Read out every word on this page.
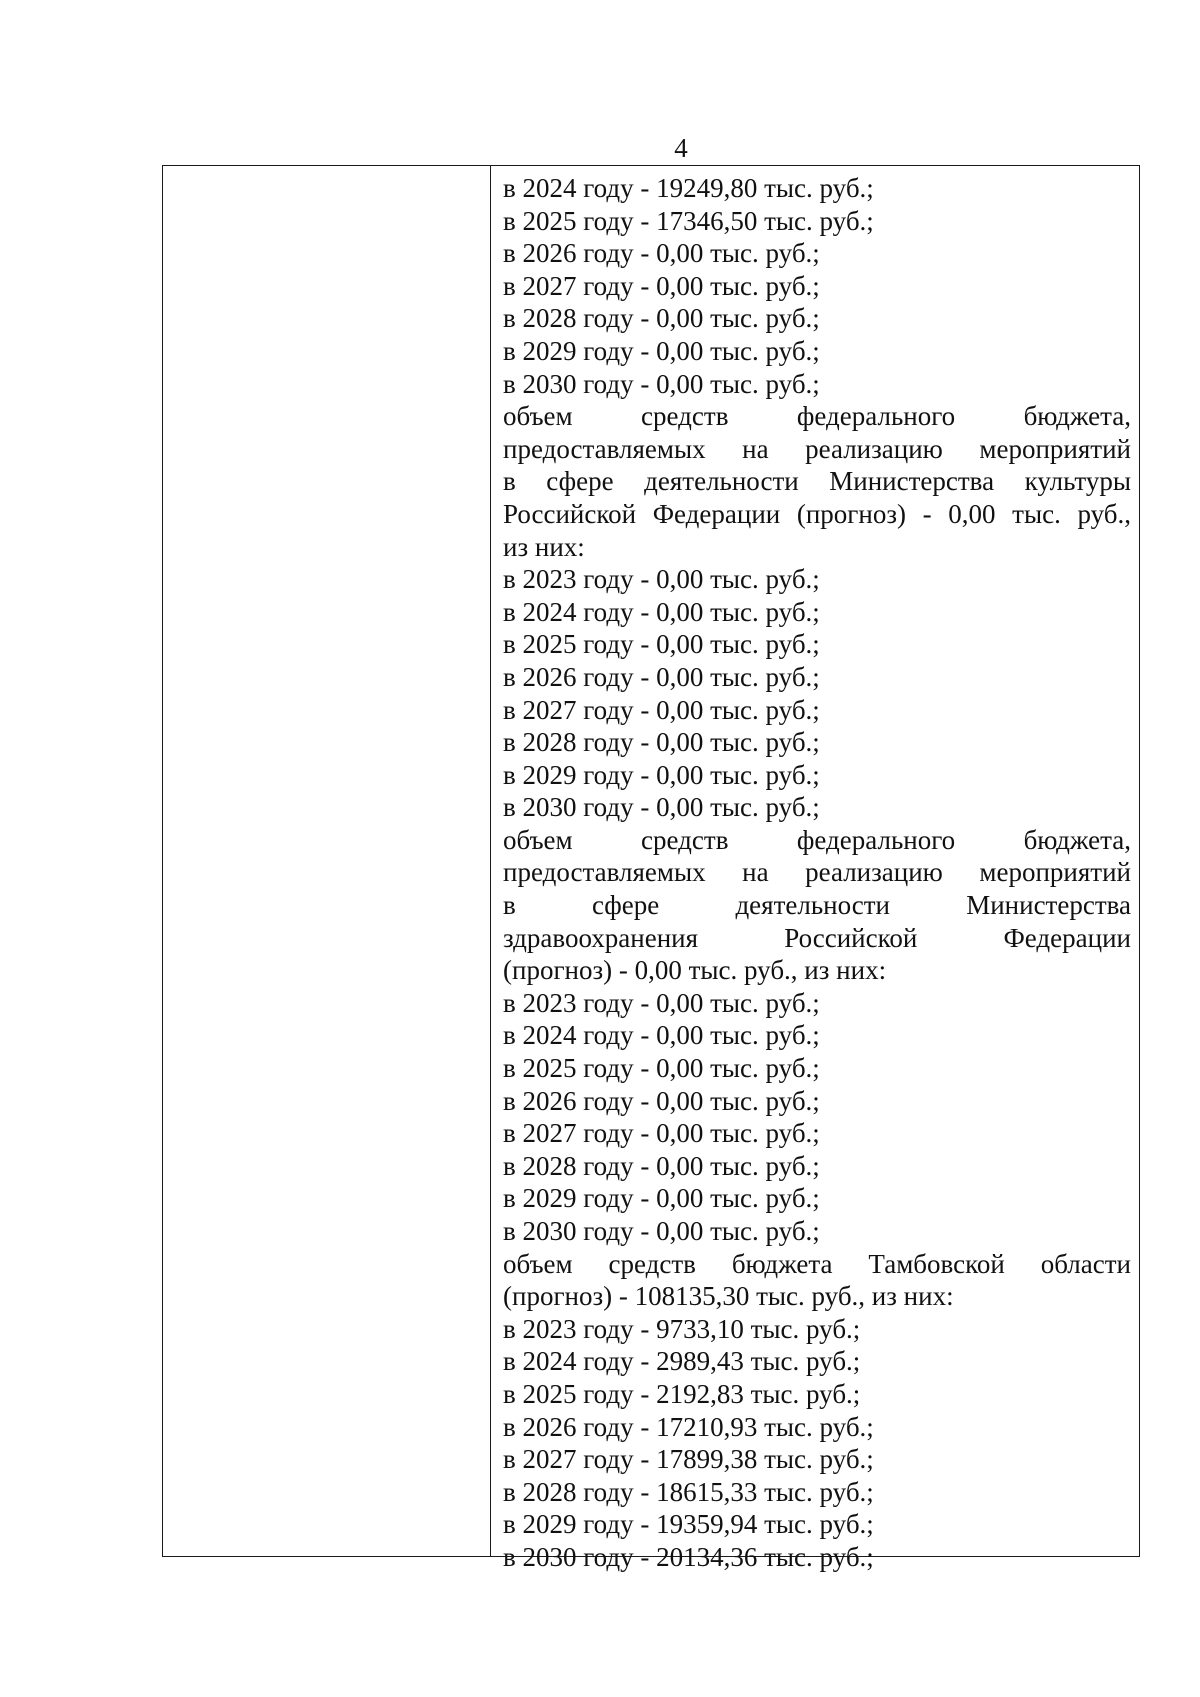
4
в 2024 году - 19249,80 тыс. руб.;
в 2025 году - 17346,50 тыс. руб.;
в 2026 году - 0,00 тыс. руб.;
в 2027 году - 0,00 тыс. руб.;
в 2028 году - 0,00 тыс. руб.;
в 2029 году - 0,00 тыс. руб.;
в 2030 году - 0,00 тыс. руб.;
объем средств федерального бюджета,
предоставляемых на реализацию мероприятий
в сфере деятельности Министерства культуры
Российской Федерации (прогноз) - 0,00 тыс. руб.,
из них:
в 2023 году - 0,00 тыс. руб.;
в 2024 году - 0,00 тыс. руб.;
в 2025 году - 0,00 тыс. руб.;
в 2026 году - 0,00 тыс. руб.;
в 2027 году - 0,00 тыс. руб.;
в 2028 году - 0,00 тыс. руб.;
в 2029 году - 0,00 тыс. руб.;
в 2030 году - 0,00 тыс. руб.;
объем средств федерального бюджета,
предоставляемых на реализацию мероприятий
в сфере деятельности Министерства
здравоохранения Российской Федерации
(прогноз) - 0,00 тыс. руб., из них:
в 2023 году - 0,00 тыс. руб.;
в 2024 году - 0,00 тыс. руб.;
в 2025 году - 0,00 тыс. руб.;
в 2026 году - 0,00 тыс. руб.;
в 2027 году - 0,00 тыс. руб.;
в 2028 году - 0,00 тыс. руб.;
в 2029 году - 0,00 тыс. руб.;
в 2030 году - 0,00 тыс. руб.;
объем средств бюджета Тамбовской области
(прогноз) - 108135,30 тыс. руб., из них:
в 2023 году - 9733,10 тыс. руб.;
в 2024 году - 2989,43 тыс. руб.;
в 2025 году - 2192,83 тыс. руб.;
в 2026 году - 17210,93 тыс. руб.;
в 2027 году - 17899,38 тыс. руб.;
в 2028 году - 18615,33 тыс. руб.;
в 2029 году - 19359,94 тыс. руб.;
в 2030 году - 20134,36 тыс. руб.;
